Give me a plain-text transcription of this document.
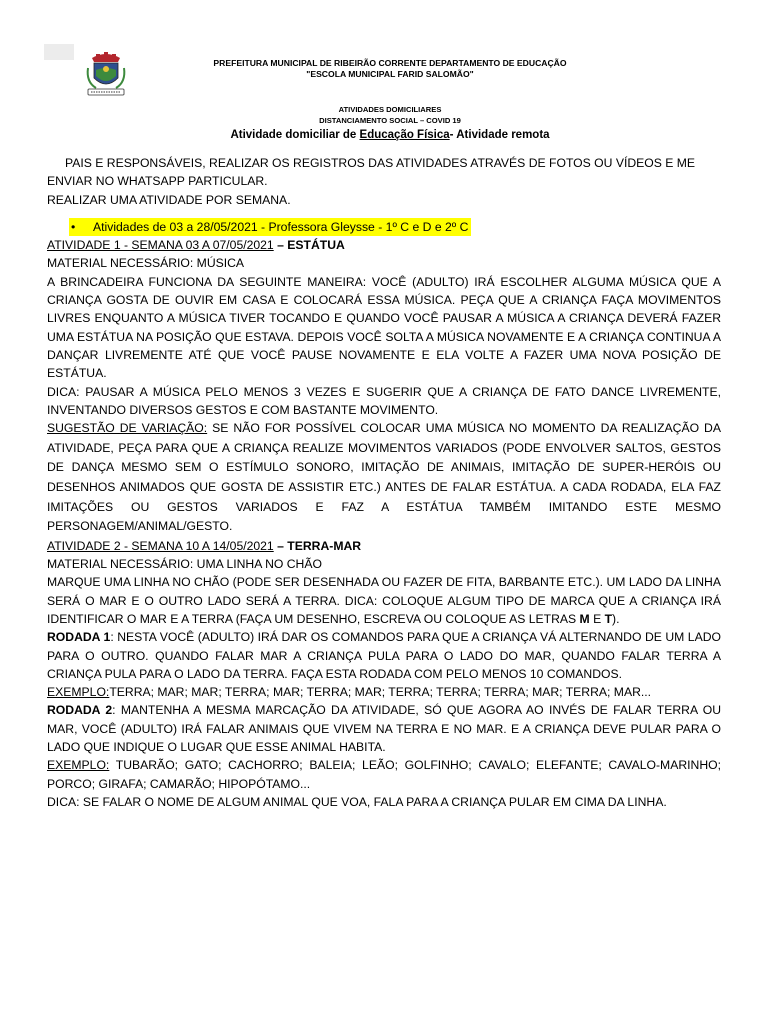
PREFEITURA MUNICIPAL DE RIBEIRÃO CORRENTE DEPARTAMENTO DE EDUCAÇÃO
"ESCOLA MUNICIPAL FARID SALOMÃO"
ATIVIDADES DOMICILIARES
DISTANCIAMENTO SOCIAL – COVID 19
Atividade domiciliar de Educação Física- Atividade remota

PAIS E RESPONSÁVEIS, REALIZAR OS REGISTROS DAS ATIVIDADES ATRAVÉS DE FOTOS OU VÍDEOS E ME ENVIAR NO WHATSAPP PARTICULAR.

REALIZAR UMA ATIVIDADE POR SEMANA.

• Atividades de 03 a 28/05/2021 - Professora Gleysse - 1º C e D e 2º C

ATIVIDADE 1 - SEMANA 03 A 07/05/2021 – ESTÁTUA

MATERIAL NECESSÁRIO: MÚSICA

A BRINCADEIRA FUNCIONA DA SEGUINTE MANEIRA: VOCÊ (ADULTO) IRÁ ESCOLHER ALGUMA MÚSICA QUE A CRIANÇA GOSTA DE OUVIR EM CASA E COLOCARÁ ESSA MÚSICA. PEÇA QUE A CRIANÇA FAÇA MOVIMENTOS LIVRES ENQUANTO A MÚSICA TIVER TOCANDO E QUANDO VOCÊ PAUSAR A MÚSICA A CRIANÇA DEVERÁ FAZER UMA ESTÁTUA NA POSIÇÃO QUE ESTAVA. DEPOIS VOCÊ SOLTA A MÚSICA NOVAMENTE E A CRIANÇA CONTINUA A DANÇAR LIVREMENTE ATÉ QUE VOCÊ PAUSE NOVAMENTE E ELA VOLTE A FAZER UMA NOVA POSIÇÃO DE ESTÁTUA.

DICA: PAUSAR A MÚSICA PELO MENOS 3 VEZES E SUGERIR QUE A CRIANÇA DE FATO DANCE LIVREMENTE, INVENTANDO DIVERSOS GESTOS E COM BASTANTE MOVIMENTO.

SUGESTÃO DE VARIAÇÃO: SE NÃO FOR POSSÍVEL COLOCAR UMA MÚSICA NO MOMENTO DA REALIZAÇÃO DA ATIVIDADE, PEÇA PARA QUE A CRIANÇA REALIZE MOVIMENTOS VARIADOS (PODE ENVOLVER SALTOS, GESTOS DE DANÇA MESMO SEM O ESTÍMULO SONORO, IMITAÇÃO DE ANIMAIS, IMITAÇÃO DE SUPER-HERÓIS OU DESENHOS ANIMADOS QUE GOSTA DE ASSISTIR ETC.) ANTES DE FALAR ESTÁTUA. A CADA RODADA, ELA FAZ IMITAÇÕES OU GESTOS VARIADOS E FAZ A ESTÁTUA TAMBÉM IMITANDO ESTE MESMO PERSONAGEM/ANIMAL/GESTO.

ATIVIDADE 2 - SEMANA 10 A 14/05/2021 – TERRA-MAR

MATERIAL NECESSÁRIO: UMA LINHA NO CHÃO

MARQUE UMA LINHA NO CHÃO (PODE SER DESENHADA OU FAZER DE FITA, BARBANTE ETC.). UM LADO DA LINHA SERÁ O MAR E O OUTRO LADO SERÁ A TERRA. DICA: COLOQUE ALGUM TIPO DE MARCA QUE A CRIANÇA IRÁ IDENTIFICAR O MAR E A TERRA (FAÇA UM DESENHO, ESCREVA OU COLOQUE AS LETRAS M E T).

RODADA 1: NESTA VOCÊ (ADULTO) IRÁ DAR OS COMANDOS PARA QUE A CRIANÇA VÁ ALTERNANDO DE UM LADO PARA O OUTRO. QUANDO FALAR MAR A CRIANÇA PULA PARA O LADO DO MAR, QUANDO FALAR TERRA A CRIANÇA PULA PARA O LADO DA TERRA. FAÇA ESTA RODADA COM PELO MENOS 10 COMANDOS.

EXEMPLO:TERRA; MAR; MAR; TERRA; MAR; TERRA; MAR; TERRA; TERRA; TERRA; MAR; TERRA; MAR...

RODADA 2: MANTENHA A MESMA MARCAÇÃO DA ATIVIDADE, SÓ QUE AGORA AO INVÉS DE FALAR TERRA OU MAR, VOCÊ (ADULTO) IRÁ FALAR ANIMAIS QUE VIVEM NA TERRA E NO MAR. E A CRIANÇA DEVE PULAR PARA O LADO QUE INDIQUE O LUGAR QUE ESSE ANIMAL HABITA.

EXEMPLO: TUBARÃO; GATO; CACHORRO; BALEIA; LEÃO; GOLFINHO; CAVALO; ELEFANTE; CAVALO-MARINHO; PORCO; GIRAFA; CAMARÃO; HIPOPÓTAMO...

DICA: SE FALAR O NOME DE ALGUM ANIMAL QUE VOA, FALA PARA A CRIANÇA PULAR EM CIMA DA LINHA.
